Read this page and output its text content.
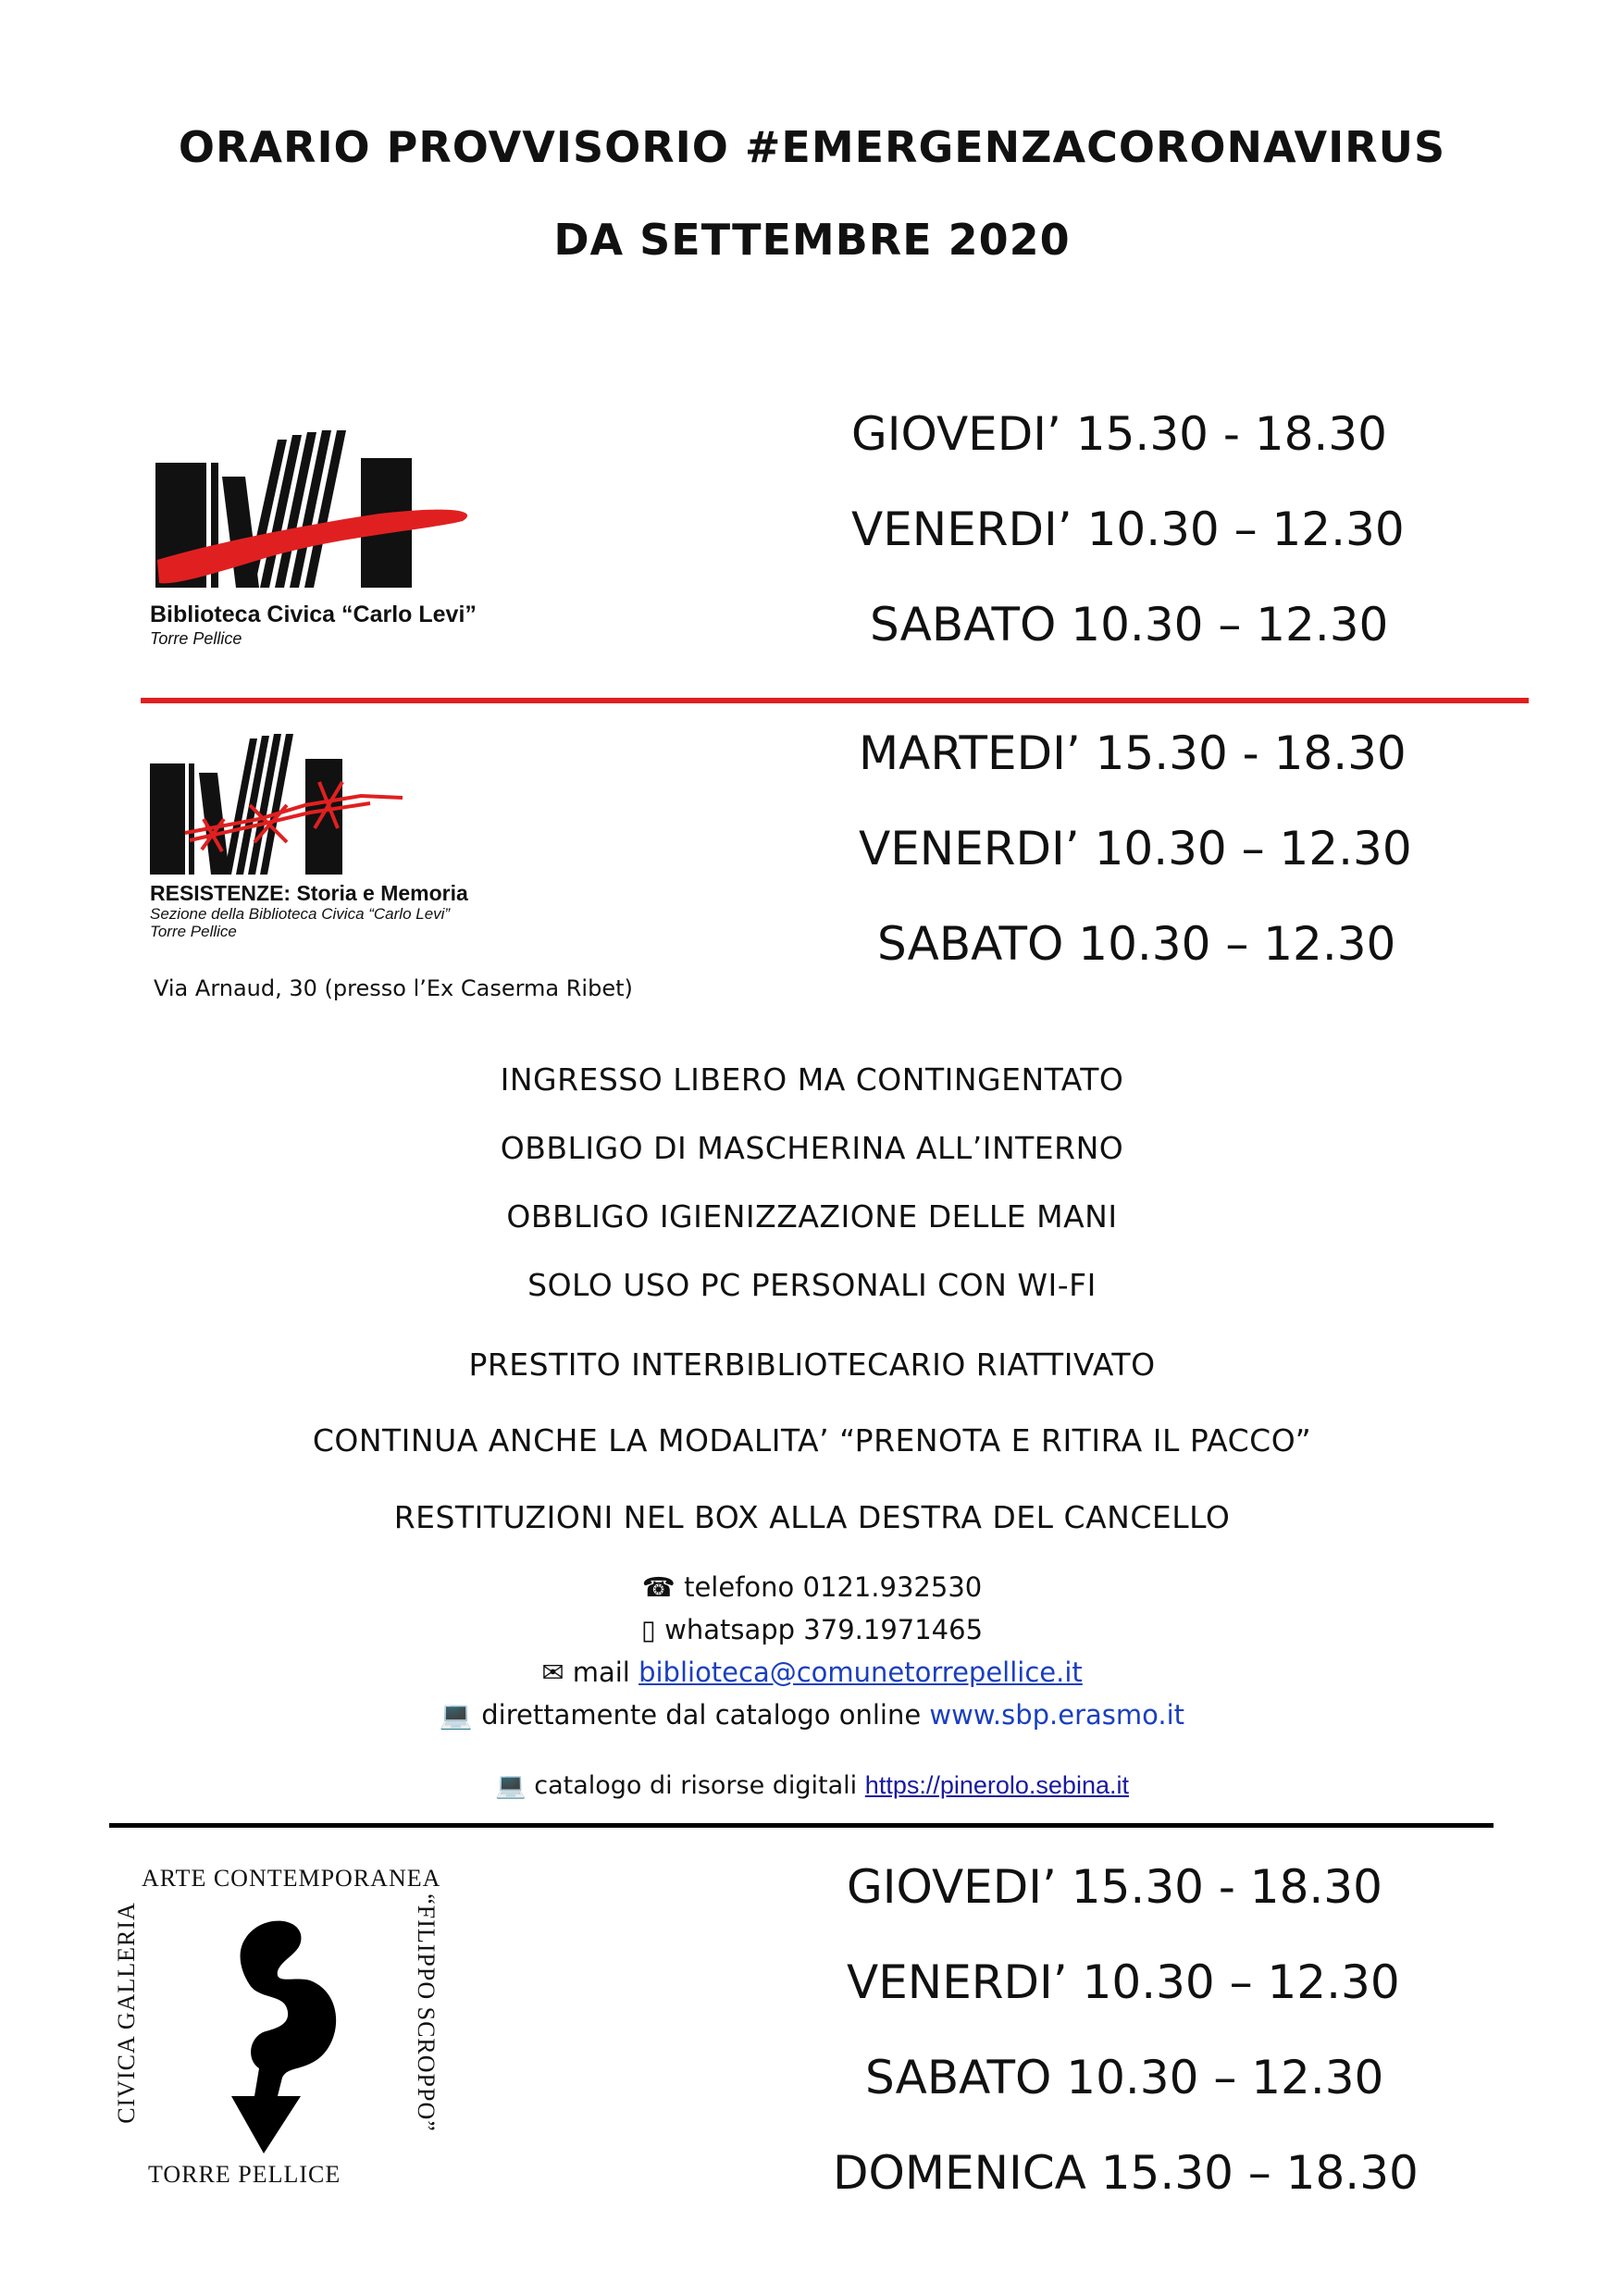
ORARIO PROVVISORIO #EMERGENZACORONAVIRUS
DA SETTEMBRE 2020
Biblioteca Civica “Carlo Levi”
Torre Pellice
GIOVEDI’ 15.30 - 18.30
VENERDI’ 10.30 – 12.30
SABATO 10.30 – 12.30
RESISTENZE: Storia e Memoria
Sezione della Biblioteca Civica “Carlo Levi”
Torre Pellice
Via Arnaud, 30 (presso l’Ex Caserma Ribet)
MARTEDI’ 15.30 - 18.30
VENERDI’ 10.30 – 12.30
SABATO 10.30 – 12.30
INGRESSO LIBERO MA CONTINGENTATO
OBBLIGO DI MASCHERINA ALL’INTERNO
OBBLIGO IGIENIZZAZIONE DELLE MANI
SOLO USO PC PERSONALI CON WI-FI
PRESTITO INTERBIBLIOTECARIO RIATTIVATO
CONTINUA ANCHE LA MODALITA’ “PRENOTA E RITIRA IL PACCO”
RESTITUZIONI NEL BOX ALLA DESTRA DEL CANCELLO
☎ telefono 0121.932530
▯ whatsapp 379.1971465
✉ mail biblioteca@comunetorrepellice.it
💻 direttamente dal catalogo online www.sbp.erasmo.it
💻 catalogo di risorse digitali https://pinerolo.sebina.it
ARTE CONTEMPORANEA
CIVICA GALLERIA	“FILIPPO SCROPPO”
TORRE PELLICE
GIOVEDI’ 15.30 - 18.30
VENERDI’ 10.30 – 12.30
SABATO 10.30 – 12.30
DOMENICA 15.30 – 18.30
